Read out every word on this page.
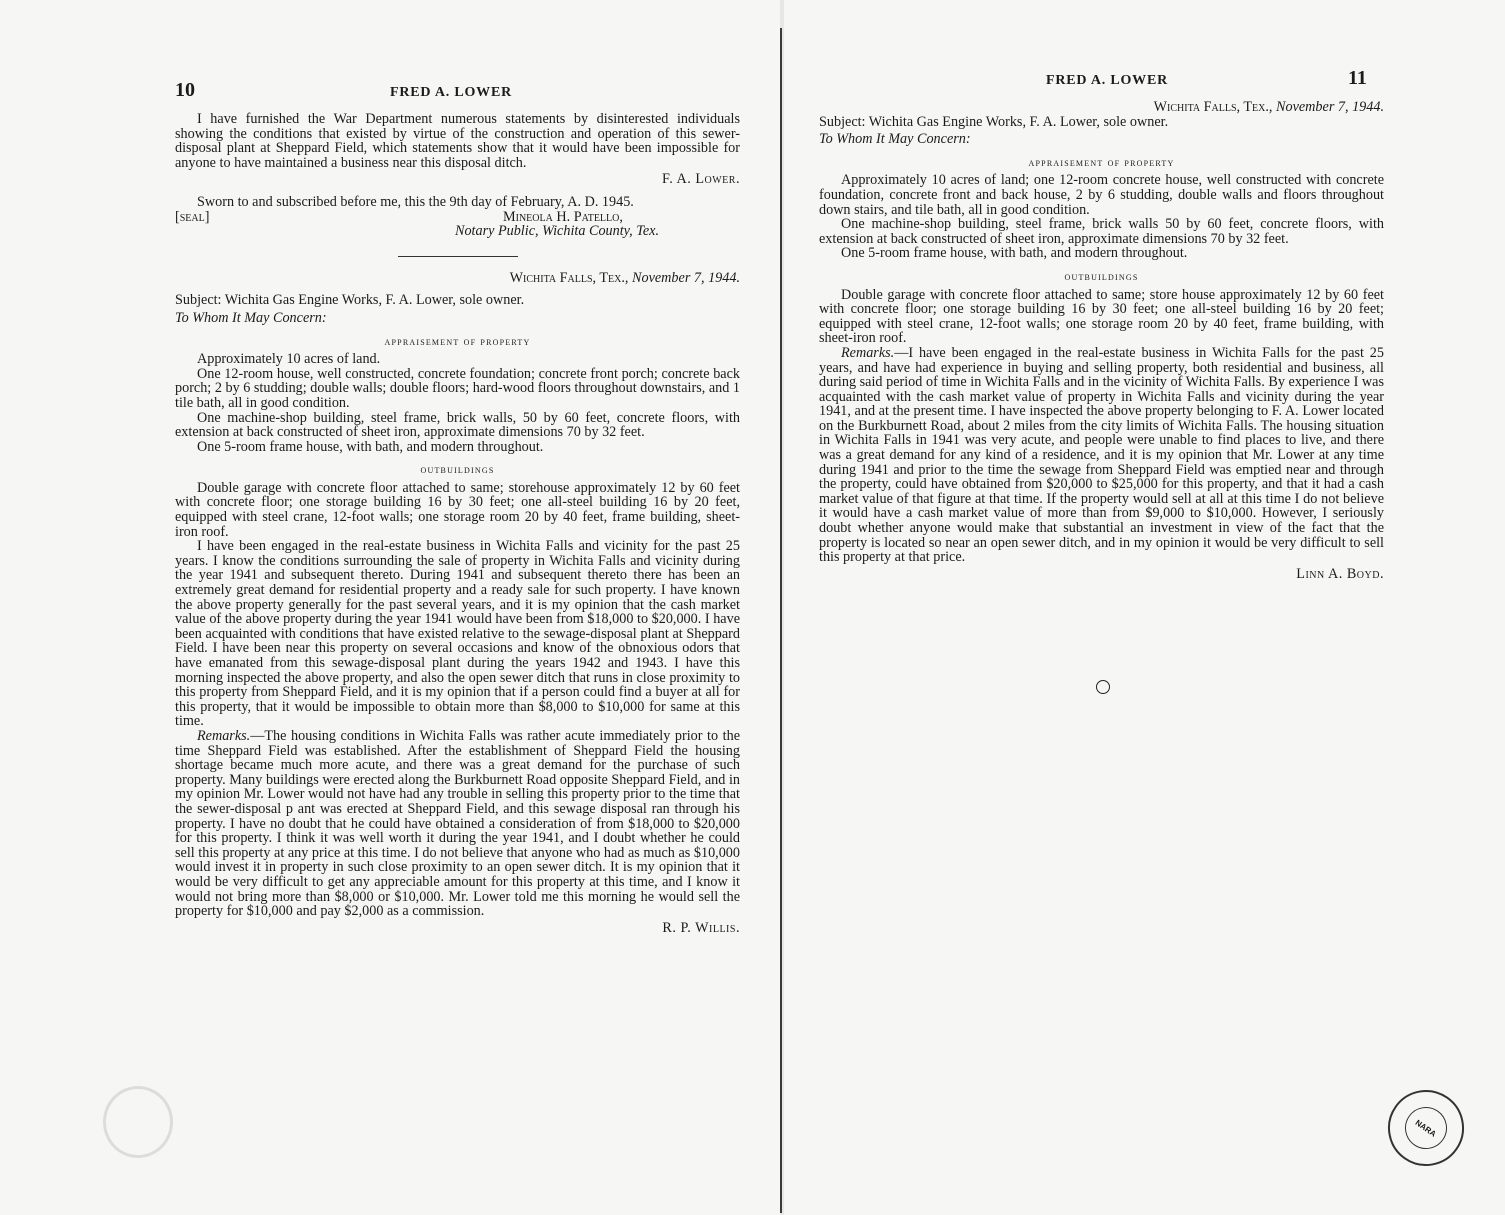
10	FRED A. LOWER

I have furnished the War Department numerous statements by disinterested individuals showing the conditions that existed by virtue of the construction and operation of this sewer-disposal plant at Sheppard Field, which statements show that it would have been impossible for anyone to have maintained a business near this disposal ditch.

F. A. Lower.

Sworn to and subscribed before me, this the 9th day of February, A. D. 1945.

[seal]	Mineola H. Patello,

Notary Public, Wichita County, Tex.

Wichita Falls, Tex., November 7, 1944.

Subject: Wichita Gas Engine Works, F. A. Lower, sole owner.

To Whom It May Concern:

appraisement of property

Approximately 10 acres of land.

One 12-room house, well constructed, concrete foundation; concrete front porch; concrete back porch; 2 by 6 studding; double walls; double floors; hard-wood floors throughout downstairs, and 1 tile bath, all in good condition.

One machine-shop building, steel frame, brick walls, 50 by 60 feet, concrete floors, with extension at back constructed of sheet iron, approximate dimensions 70 by 32 feet.

One 5-room frame house, with bath, and modern throughout.

outbuildings

Double garage with concrete floor attached to same; storehouse approximately 12 by 60 feet with concrete floor; one storage building 16 by 30 feet; one all-steel building 16 by 20 feet, equipped with steel crane, 12-foot walls; one storage room 20 by 40 feet, frame building, sheet-iron roof.

I have been engaged in the real-estate business in Wichita Falls and vicinity for the past 25 years. I know the conditions surrounding the sale of property in Wichita Falls and vicinity during the year 1941 and subsequent thereto. During 1941 and subsequent thereto there has been an extremely great demand for residential property and a ready sale for such property. I have known the above property generally for the past several years, and it is my opinion that the cash market value of the above property during the year 1941 would have been from $18,000 to $20,000. I have been acquainted with conditions that have existed relative to the sewage-disposal plant at Sheppard Field. I have been near this property on several occasions and know of the obnoxious odors that have emanated from this sewage-disposal plant during the years 1942 and 1943. I have this morning inspected the above property, and also the open sewer ditch that runs in close proximity to this property from Sheppard Field, and it is my opinion that if a person could find a buyer at all for this property, that it would be impossible to obtain more than $8,000 to $10,000 for same at this time.

Remarks.—The housing conditions in Wichita Falls was rather acute immediately prior to the time Sheppard Field was established. After the establishment of Sheppard Field the housing shortage became much more acute, and there was a great demand for the purchase of such property. Many buildings were erected along the Burkburnett Road opposite Sheppard Field, and in my opinion Mr. Lower would not have had any trouble in selling this property prior to the time that the sewer-disposal p ant was erected at Sheppard Field, and this sewage disposal ran through his property. I have no doubt that he could have obtained a consideration of from $18,000 to $20,000 for this property. I think it was well worth it during the year 1941, and I doubt whether he could sell this property at any price at this time. I do not believe that anyone who had as much as $10,000 would invest it in property in such close proximity to an open sewer ditch. It is my opinion that it would be very difficult to get any appreciable amount for this property at this time, and I know it would not bring more than $8,000 or $10,000. Mr. Lower told me this morning he would sell the property for $10,000 and pay $2,000 as a commission.

R. P. Willis.

FRED A. LOWER	11

Wichita Falls, Tex., November 7, 1944.

Subject: Wichita Gas Engine Works, F. A. Lower, sole owner.

To Whom It May Concern:

appraisement of property

Approximately 10 acres of land; one 12-room concrete house, well constructed with concrete foundation, concrete front and back house, 2 by 6 studding, double walls and floors throughout down stairs, and tile bath, all in good condition.

One machine-shop building, steel frame, brick walls 50 by 60 feet, concrete floors, with extension at back constructed of sheet iron, approximate dimensions 70 by 32 feet.

One 5-room frame house, with bath, and modern throughout.

outbuildings

Double garage with concrete floor attached to same; store house approximately 12 by 60 feet with concrete floor; one storage building 16 by 30 feet; one all-steel building 16 by 20 feet; equipped with steel crane, 12-foot walls; one storage room 20 by 40 feet, frame building, with sheet-iron roof.

Remarks.—I have been engaged in the real-estate business in Wichita Falls for the past 25 years, and have had experience in buying and selling property, both residential and business, all during said period of time in Wichita Falls and in the vicinity of Wichita Falls. By experience I was acquainted with the cash market value of property in Wichita Falls and vicinity during the year 1941, and at the present time. I have inspected the above property belonging to F. A. Lower located on the Burkburnett Road, about 2 miles from the city limits of Wichita Falls. The housing situation in Wichita Falls in 1941 was very acute, and people were unable to find places to live, and there was a great demand for any kind of a residence, and it is my opinion that Mr. Lower at any time during 1941 and prior to the time the sewage from Sheppard Field was emptied near and through the property, could have obtained from $20,000 to $25,000 for this property, and that it had a cash market value of that figure at that time. If the property would sell at all at this time I do not believe it would have a cash market value of more than from $9,000 to $10,000. However, I seriously doubt whether anyone would make that substantial an investment in view of the fact that the property is located so near an open sewer ditch, and in my opinion it would be very difficult to sell this property at that price.

Linn A. Boyd.

NARA
